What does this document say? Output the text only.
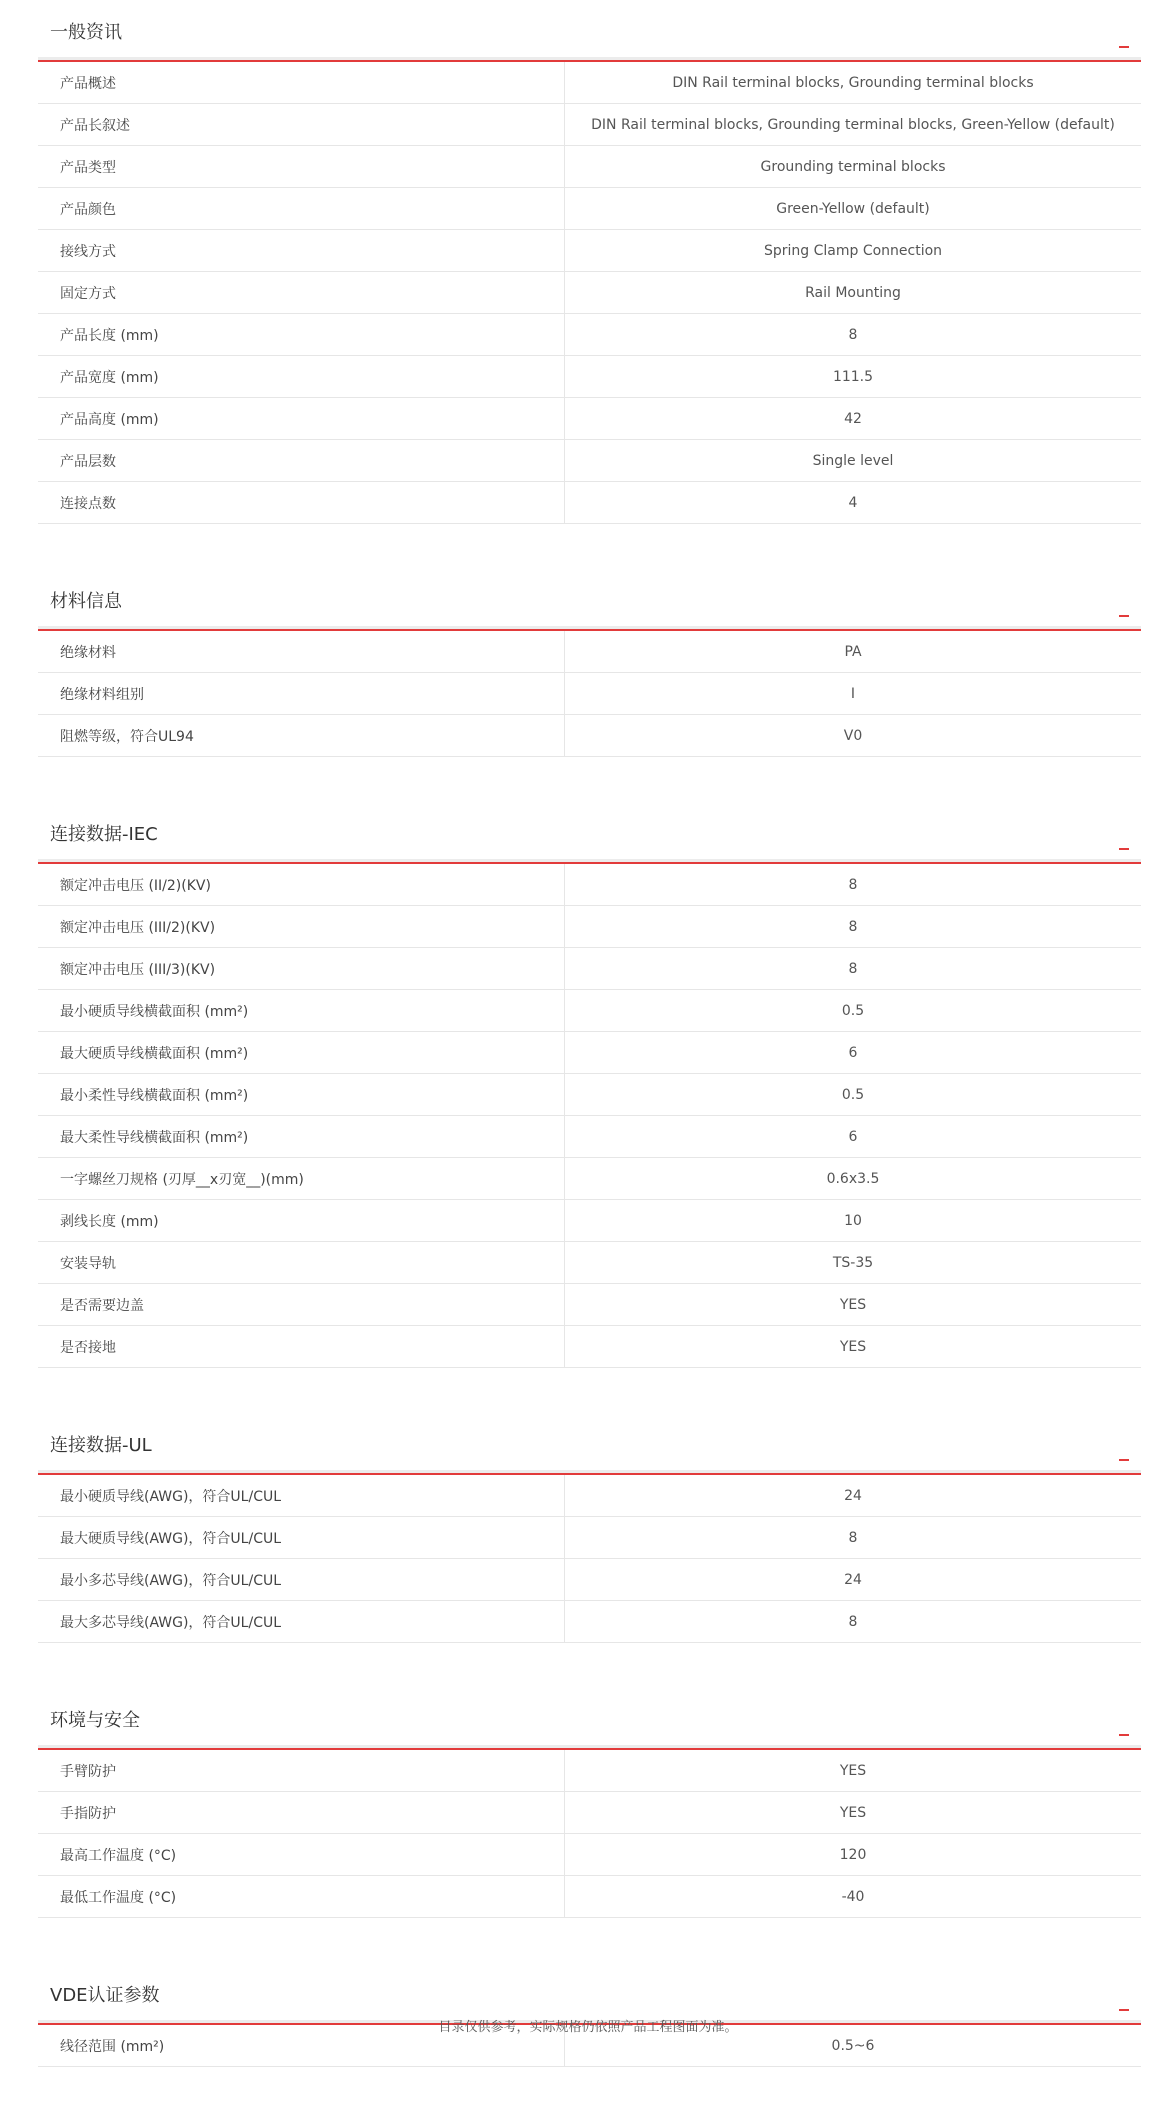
一般资讯
产品概述	DIN Rail terminal blocks, Grounding terminal blocks
产品长叙述	DIN Rail terminal blocks, Grounding terminal blocks, Green-Yellow (default)
产品类型	Grounding terminal blocks
产品颜色	Green-Yellow (default)
接线方式	Spring Clamp Connection
固定方式	Rail Mounting
产品长度 (mm)	8
产品宽度 (mm)	111.5
产品高度 (mm)	42
产品层数	Single level
连接点数	4
材料信息
绝缘材料	PA
绝缘材料组别	I
阻燃等级，符合UL94	V0
连接数据-IEC
额定冲击电压 (II/2)(KV)	8
额定冲击电压 (III/2)(KV)	8
额定冲击电压 (III/3)(KV)	8
最小硬质导线横截面积 (mm²)	0.5
最大硬质导线横截面积 (mm²)	6
最小柔性导线横截面积 (mm²)	0.5
最大柔性导线横截面积 (mm²)	6
一字螺丝刀规格 (刃厚__x刃宽__)(mm)	0.6x3.5
剥线长度 (mm)	10
安装导轨	TS-35
是否需要边盖	YES
是否接地	YES
连接数据-UL
最小硬质导线(AWG)，符合UL/CUL	24
最大硬质导线(AWG)，符合UL/CUL	8
最小多芯导线(AWG)，符合UL/CUL	24
最大多芯导线(AWG)，符合UL/CUL	8
环境与安全
手臂防护	YES
手指防护	YES
最高工作温度 (°C)	120
最低工作温度 (°C)	-40
VDE认证参数
线径范围 (mm²)	0.5~6
目录仅供参考，实际规格仍依照产品工程图面为准。
